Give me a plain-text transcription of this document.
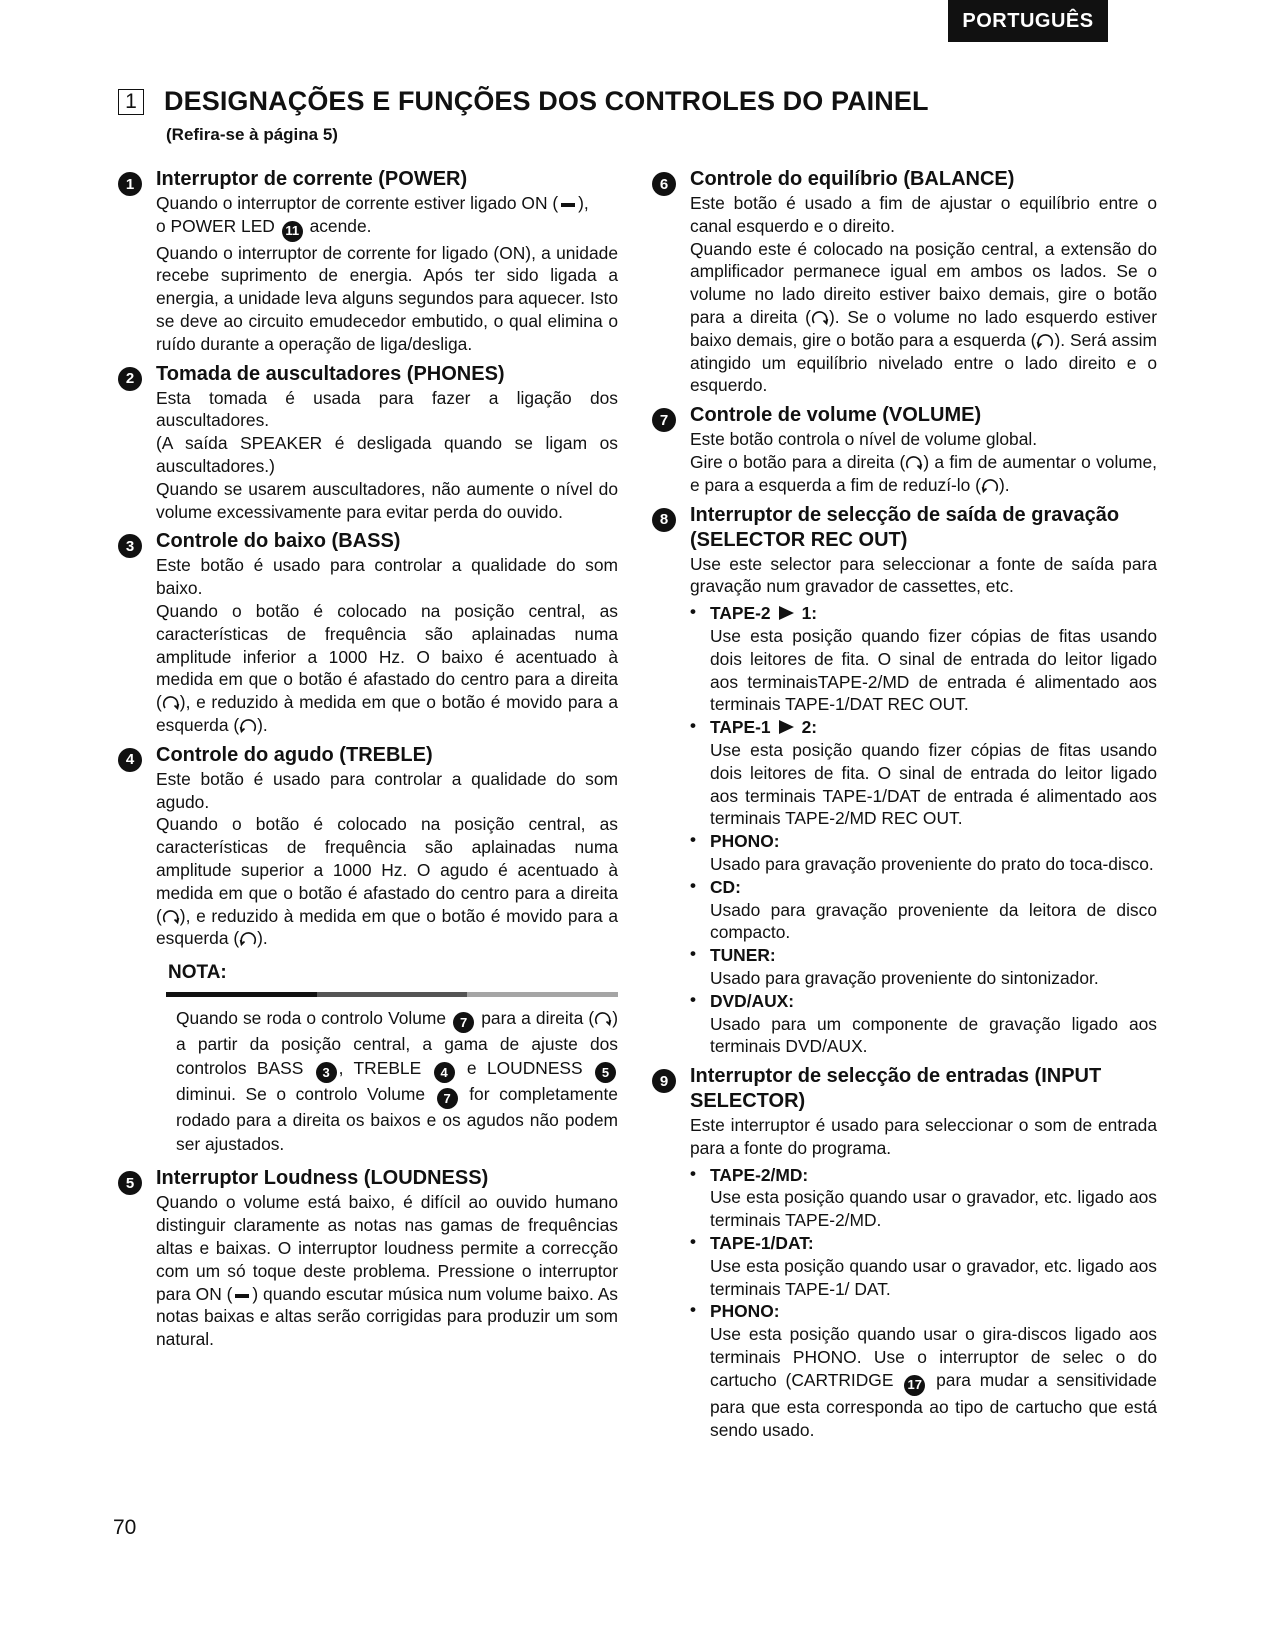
PORTUGUÊS
1 DESIGNAÇÕES E FUNÇÕES DOS CONTROLES DO PAINEL
(Refira-se à página 5)
1	Interruptor de corrente (POWER)

Quando o interruptor de corrente estiver ligado ON ( ),

o POWER LED 11 acende.

Quando o interruptor de corrente for ligado (ON), a unidade recebe suprimento de energia. Após ter sido ligada a energia, a unidade leva alguns segundos para aquecer. Isto se deve ao circuito emudecedor embutido, o qual elimina o ruído durante a operação de liga/desliga.

2	Tomada de auscultadores (PHONES)

Esta tomada é usada para fazer a ligação dos auscultadores.

(A saída SPEAKER é desligada quando se ligam os auscultadores.)

Quando se usarem auscultadores, não aumente o nível do volume excessivamente para evitar perda do ouvido.

3	Controle do baixo (BASS)

Este botão é usado para controlar a qualidade do som baixo.

Quando o botão é colocado na posição central, as características de frequência são aplainadas numa amplitude inferior a 1000 Hz. O baixo é acentuado à medida em que o botão é afastado do centro para a direita ( ), e reduzido à medida em que o botão é movido para a esquerda ( ).

4	Controle do agudo (TREBLE)

Este botão é usado para controlar a qualidade do som agudo.

Quando o botão é colocado na posição central, as características de frequência são aplainadas numa amplitude superior a 1000 Hz. O agudo é acentuado à medida em que o botão é afastado do centro para a direita ( ), e reduzido à medida em que o botão é movido para a esquerda ( ).

NOTA:

Quando se roda o controlo Volume 7 para a direita ( ) a partir da posição central, a gama de ajuste dos controlos BASS 3 , TREBLE 4 e LOUDNESS 5 diminui. Se o controlo Volume 7 for completamente rodado para a direita os baixos e os agudos não podem ser ajustados.

5	Interruptor Loudness (LOUDNESS)

Quando o volume está baixo, é difícil ao ouvido humano distinguir claramente as notas nas gamas de frequências altas e baixas. O interruptor loudness permite a correcção com um só toque deste problema. Pressione o interruptor para ON ( ) quando escutar música num volume baixo. As notas baixas e altas serão corrigidas para produzir um som natural.

6	Controle do equilíbrio (BALANCE)

Este botão é usado a fim de ajustar o equilíbrio entre o canal esquerdo e o direito.

Quando este é colocado na posição central, a extensão do amplificador permanece igual em ambos os lados. Se o volume no lado direito estiver baixo demais, gire o botão para a direita ( ). Se o volume no lado esquerdo estiver baixo demais, gire o botão para a esquerda ( ). Será assim atingido um equilíbrio nivelado entre o lado direito e o esquerdo.

7	Controle de volume (VOLUME)

Este botão controla o nível de volume global.

Gire o botão para a direita ( ) a fim de aumentar o volume, e para a esquerda a fim de reduzí-lo ( ).

8	Interruptor de selecção de saída de gravação (SELECTOR REC OUT)

Use este selector para seleccionar a fonte de saída para gravação num gravador de cassettes, etc.

• TAPE-2 1:
Use esta posição quando fizer cópias de fitas usando dois leitores de fita. O sinal de entrada do leitor ligado aos terminaisTAPE-2/MD de entrada é alimentado aos terminais TAPE-1/DAT REC OUT.
• TAPE-1 2:
Use esta posição quando fizer cópias de fitas usando dois leitores de fita. O sinal de entrada do leitor ligado aos terminais TAPE-1/DAT de entrada é alimentado aos terminais TAPE-2/MD REC OUT.
• PHONO:
Usado para gravação proveniente do prato do toca-disco.
• CD:
Usado para gravação proveniente da leitora de disco compacto.
• TUNER:
Usado para gravação proveniente do sintonizador.
• DVD/AUX:
Usado para um componente de gravação ligado aos terminais DVD/AUX.
9	Interruptor de selecção de entradas (INPUT SELECTOR)

Este interruptor é usado para seleccionar o som de entrada para a fonte do programa.

• TAPE-2/MD:
Use esta posição quando usar o gravador, etc. ligado aos terminais TAPE-2/MD.
• TAPE-1/DAT:
Use esta posição quando usar o gravador, etc. ligado aos terminais TAPE-1/ DAT.
• PHONO:
Use esta posição quando usar o gira-discos ligado aos terminais PHONO. Use o interruptor de selec o do cartucho (CARTRIDGE 17 para mudar a sensitividade para que esta corresponda ao tipo de cartucho que está sendo usado.
70
